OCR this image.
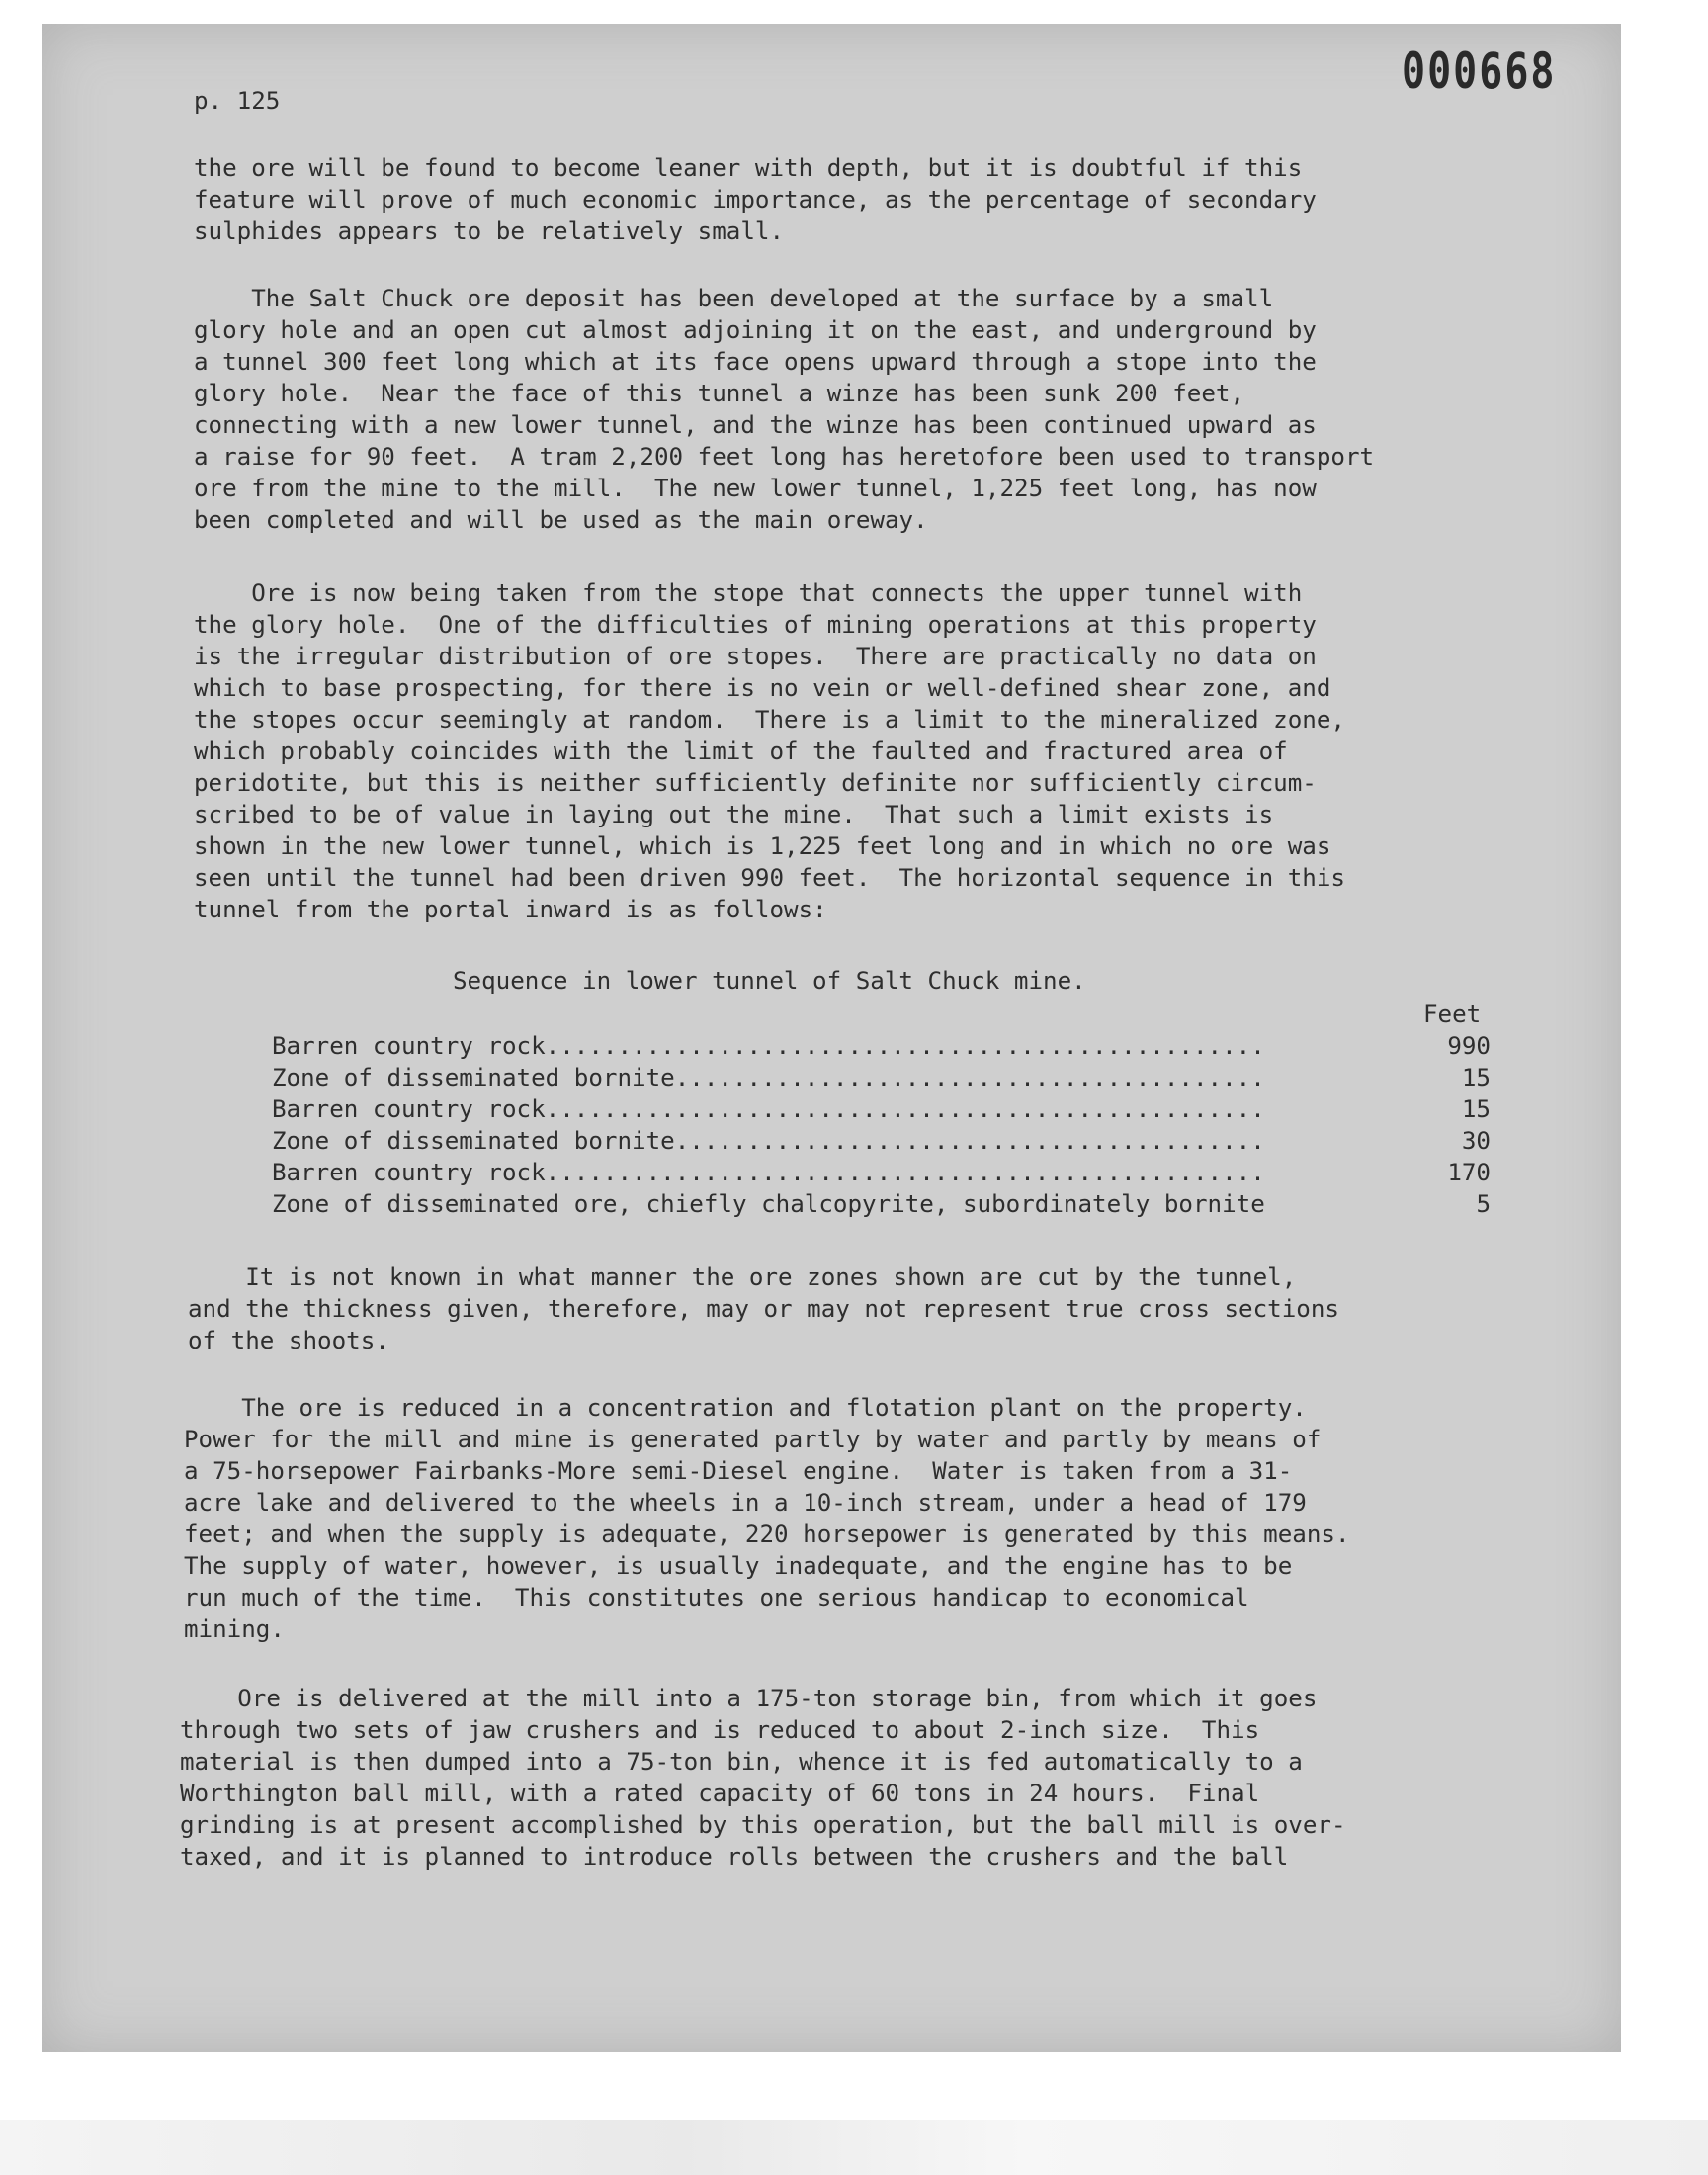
000668
p. 125

the ore will be found to become leaner with depth, but it is doubtful if this

feature will prove of much economic importance, as the percentage of secondary

sulphides appears to be relatively small.

The Salt Chuck ore deposit has been developed at the surface by a small

glory hole and an open cut almost adjoining it on the east, and underground by

a tunnel 300 feet long which at its face opens upward through a stope into the

glory hole.  Near the face of this tunnel a winze has been sunk 200 feet,

connecting with a new lower tunnel, and the winze has been continued upward as

a raise for 90 feet.  A tram 2,200 feet long has heretofore been used to transport

ore from the mine to the mill.  The new lower tunnel, 1,225 feet long, has now

been completed and will be used as the main oreway.

Ore is now being taken from the stope that connects the upper tunnel with

the glory hole.  One of the difficulties of mining operations at this property

is the irregular distribution of ore stopes.  There are practically no data on

which to base prospecting, for there is no vein or well-defined shear zone, and

the stopes occur seemingly at random.  There is a limit to the mineralized zone,

which probably coincides with the limit of the faulted and fractured area of

peridotite, but this is neither sufficiently definite nor sufficiently circum-

scribed to be of value in laying out the mine.  That such a limit exists is

shown in the new lower tunnel, which is 1,225 feet long and in which no ore was

seen until the tunnel had been driven 990 feet.  The horizontal sequence in this

tunnel from the portal inward is as follows:

Sequence in lower tunnel of Salt Chuck mine.
Feet
Barren country rock..................................................	990
Zone of disseminated bornite.........................................	15
Barren country rock..................................................	15
Zone of disseminated bornite.........................................	30
Barren country rock..................................................	170
Zone of disseminated ore, chiefly chalcopyrite, subordinately bornite	5

It is not known in what manner the ore zones shown are cut by the tunnel,

and the thickness given, therefore, may or may not represent true cross sections

of the shoots.

The ore is reduced in a concentration and flotation plant on the property.

Power for the mill and mine is generated partly by water and partly by means of

a 75-horsepower Fairbanks-More semi-Diesel engine.  Water is taken from a 31-

acre lake and delivered to the wheels in a 10-inch stream, under a head of 179

feet; and when the supply is adequate, 220 horsepower is generated by this means.

The supply of water, however, is usually inadequate, and the engine has to be

run much of the time.  This constitutes one serious handicap to economical

mining.

Ore is delivered at the mill into a 175-ton storage bin, from which it goes

through two sets of jaw crushers and is reduced to about 2-inch size.  This

material is then dumped into a 75-ton bin, whence it is fed automatically to a

Worthington ball mill, with a rated capacity of 60 tons in 24 hours.  Final

grinding is at present accomplished by this operation, but the ball mill is over-

taxed, and it is planned to introduce rolls between the crushers and the ball
